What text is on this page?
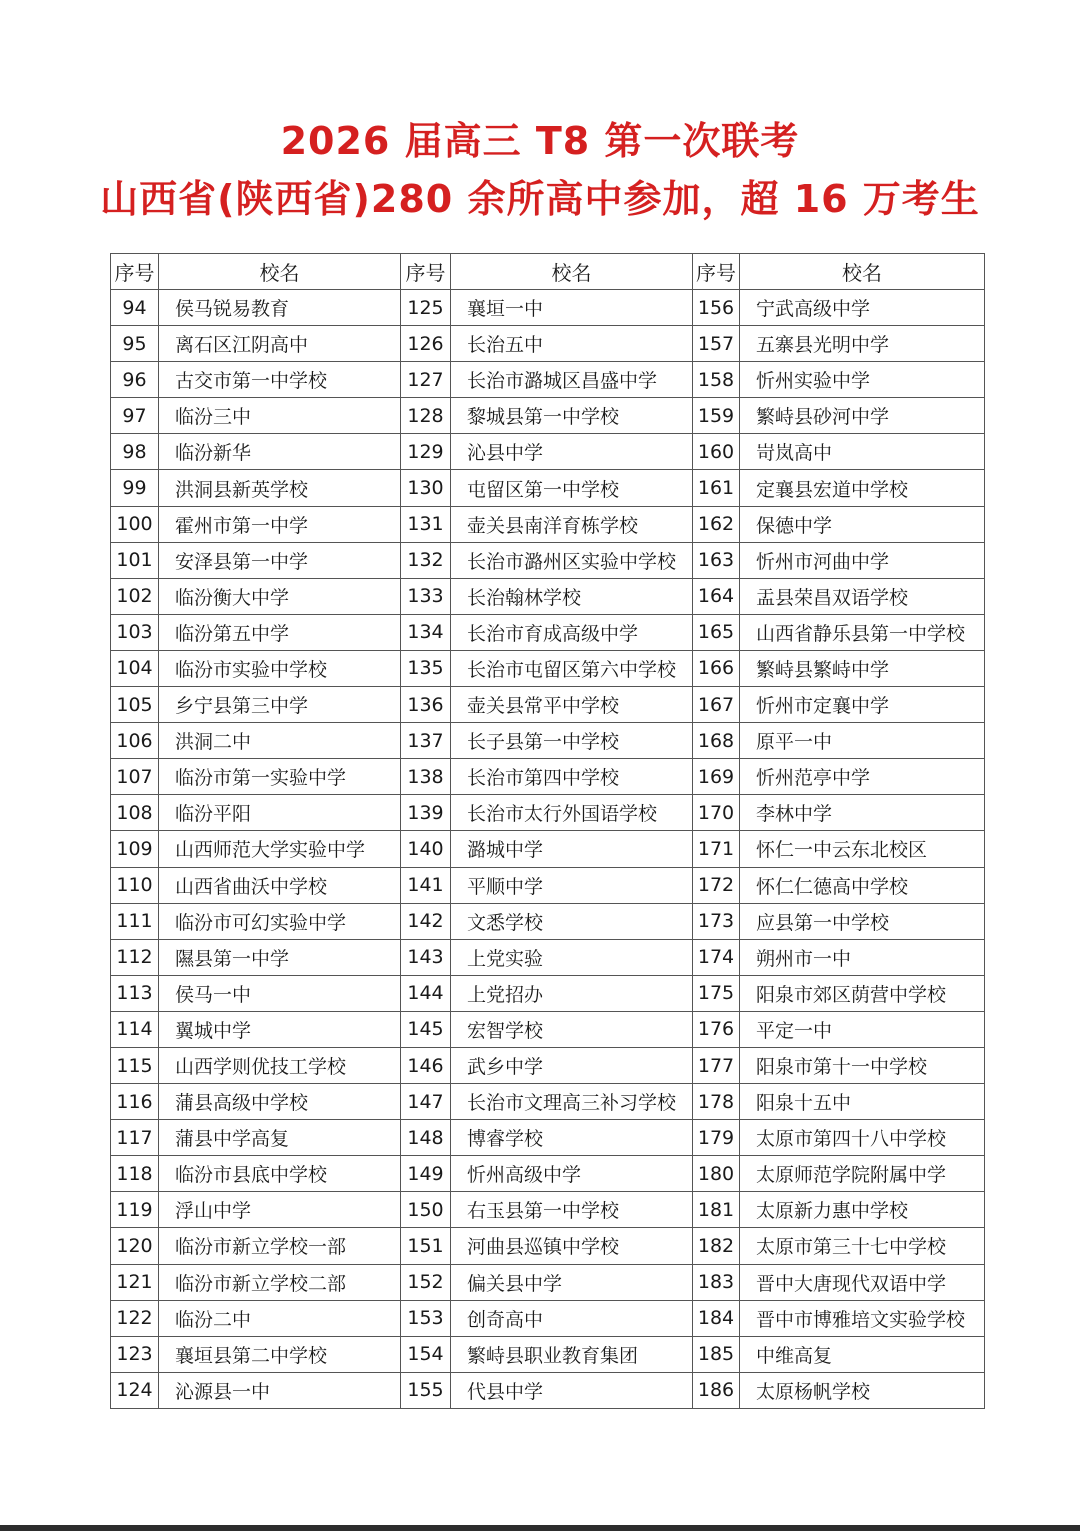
2026 届高三 T8 第一次联考
山西省(陕西省)280 余所高中参加，超 16 万考生
序号	校名	序号	校名	序号	校名
94	侯马锐易教育	125	襄垣一中	156	宁武高级中学
95	离石区江阴高中	126	长治五中	157	五寨县光明中学
96	古交市第一中学校	127	长治市潞城区昌盛中学	158	忻州实验中学
97	临汾三中	128	黎城县第一中学校	159	繁峙县砂河中学
98	临汾新华	129	沁县中学	160	岢岚高中
99	洪洞县新英学校	130	屯留区第一中学校	161	定襄县宏道中学校
100	霍州市第一中学	131	壶关县南洋育栋学校	162	保德中学
101	安泽县第一中学	132	长治市潞州区实验中学校	163	忻州市河曲中学
102	临汾衡大中学	133	长治翰林学校	164	盂县荣昌双语学校
103	临汾第五中学	134	长治市育成高级中学	165	山西省静乐县第一中学校
104	临汾市实验中学校	135	长治市屯留区第六中学校	166	繁峙县繁峙中学
105	乡宁县第三中学	136	壶关县常平中学校	167	忻州市定襄中学
106	洪洞二中	137	长子县第一中学校	168	原平一中
107	临汾市第一实验中学	138	长治市第四中学校	169	忻州范亭中学
108	临汾平阳	139	长治市太行外国语学校	170	李林中学
109	山西师范大学实验中学	140	潞城中学	171	怀仁一中云东北校区
110	山西省曲沃中学校	141	平顺中学	172	怀仁仁德高中学校
111	临汾市可幻实验中学	142	文悉学校	173	应县第一中学校
112	隰县第一中学	143	上党实验	174	朔州市一中
113	侯马一中	144	上党招办	175	阳泉市郊区荫营中学校
114	翼城中学	145	宏智学校	176	平定一中
115	山西学则优技工学校	146	武乡中学	177	阳泉市第十一中学校
116	蒲县高级中学校	147	长治市文理高三补习学校	178	阳泉十五中
117	蒲县中学高复	148	博睿学校	179	太原市第四十八中学校
118	临汾市县底中学校	149	忻州高级中学	180	太原师范学院附属中学
119	浮山中学	150	右玉县第一中学校	181	太原新力惠中学校
120	临汾市新立学校一部	151	河曲县巡镇中学校	182	太原市第三十七中学校
121	临汾市新立学校二部	152	偏关县中学	183	晋中大唐现代双语中学
122	临汾二中	153	创奇高中	184	晋中市博雅培文实验学校
123	襄垣县第二中学校	154	繁峙县职业教育集团	185	中维高复
124	沁源县一中	155	代县中学	186	太原杨帆学校
